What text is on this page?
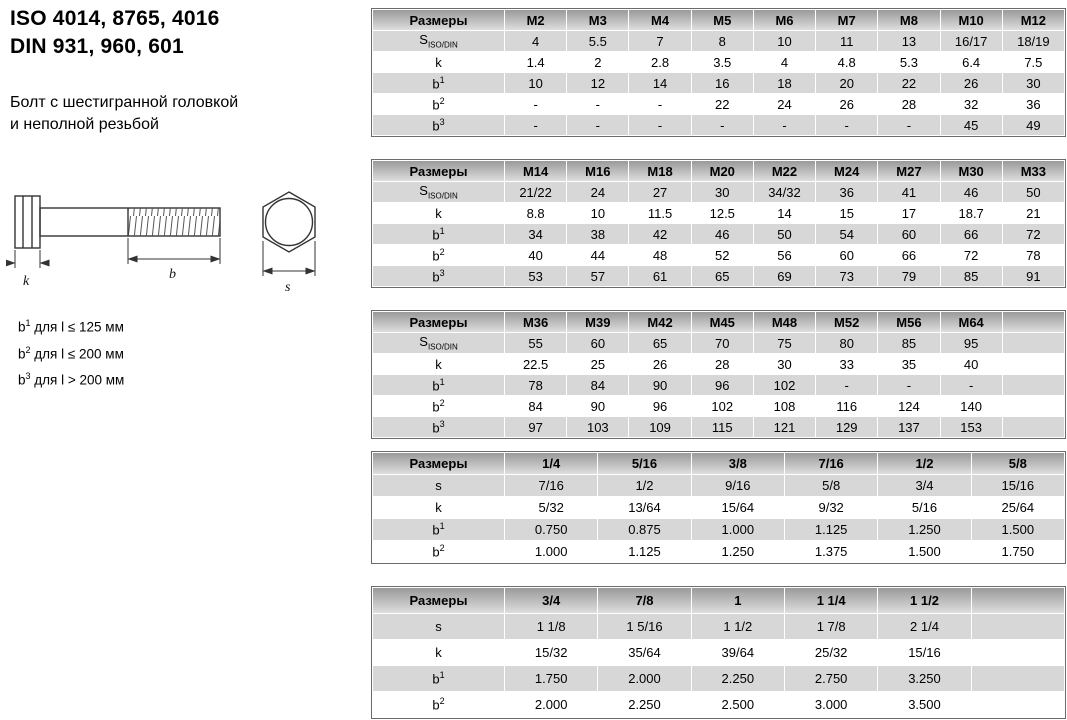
ISO 4014, 8765, 4016
DIN 931, 960, 601
Болт с шестигранной головкой
и неполной резьбой
k	b
s
$b^1$ для l ≤ 125 мм
$b^2$ для l ≤ 200 мм
$b^3$ для l > 200 мм
Размеры	M2	M3	M4	M5	M6	M7	M8	M10	M12
$S_{ISO/DIN}$	4	5.5	7	8	10	11	13	16/17	18/19
k	1.4	2	2.8	3.5	4	4.8	5.3	6.4	7.5
$b^1$	10	12	14	16	18	20	22	26	30
$b^2$	-	-	-	22	24	26	28	32	36
$b^3$	-	-	-	-	-	-	-	45	49
Размеры	M14	M16	M18	M20	M22	M24	M27	M30	M33
$S_{ISO/DIN}$	21/22	24	27	30	34/32	36	41	46	50
k	8.8	10	11.5	12.5	14	15	17	18.7	21
$b^1$	34	38	42	46	50	54	60	66	72
$b^2$	40	44	48	52	56	60	66	72	78
$b^3$	53	57	61	65	69	73	79	85	91
Размеры	M36	M39	M42	M45	M48	M52	M56	M64	
$S_{ISO/DIN}$	55	60	65	70	75	80	85	95	
k	22.5	25	26	28	30	33	35	40	
$b^1$	78	84	90	96	102	-	-	-	
$b^2$	84	90	96	102	108	116	124	140	
$b^3$	97	103	109	115	121	129	137	153	
Размеры	1/4	5/16	3/8	7/16	1/2	5/8
s	7/16	1/2	9/16	5/8	3/4	15/16
k	5/32	13/64	15/64	9/32	5/16	25/64
$b^1$	0.750	0.875	1.000	1.125	1.250	1.500
$b^2$	1.000	1.125	1.250	1.375	1.500	1.750
Размеры	3/4	7/8	1	1 1/4	1 1/2	
s	1 1/8	1 5/16	1 1/2	1 7/8	2 1/4	
k	15/32	35/64	39/64	25/32	15/16	
$b^1$	1.750	2.000	2.250	2.750	3.250	
$b^2$	2.000	2.250	2.500	3.000	3.500	
